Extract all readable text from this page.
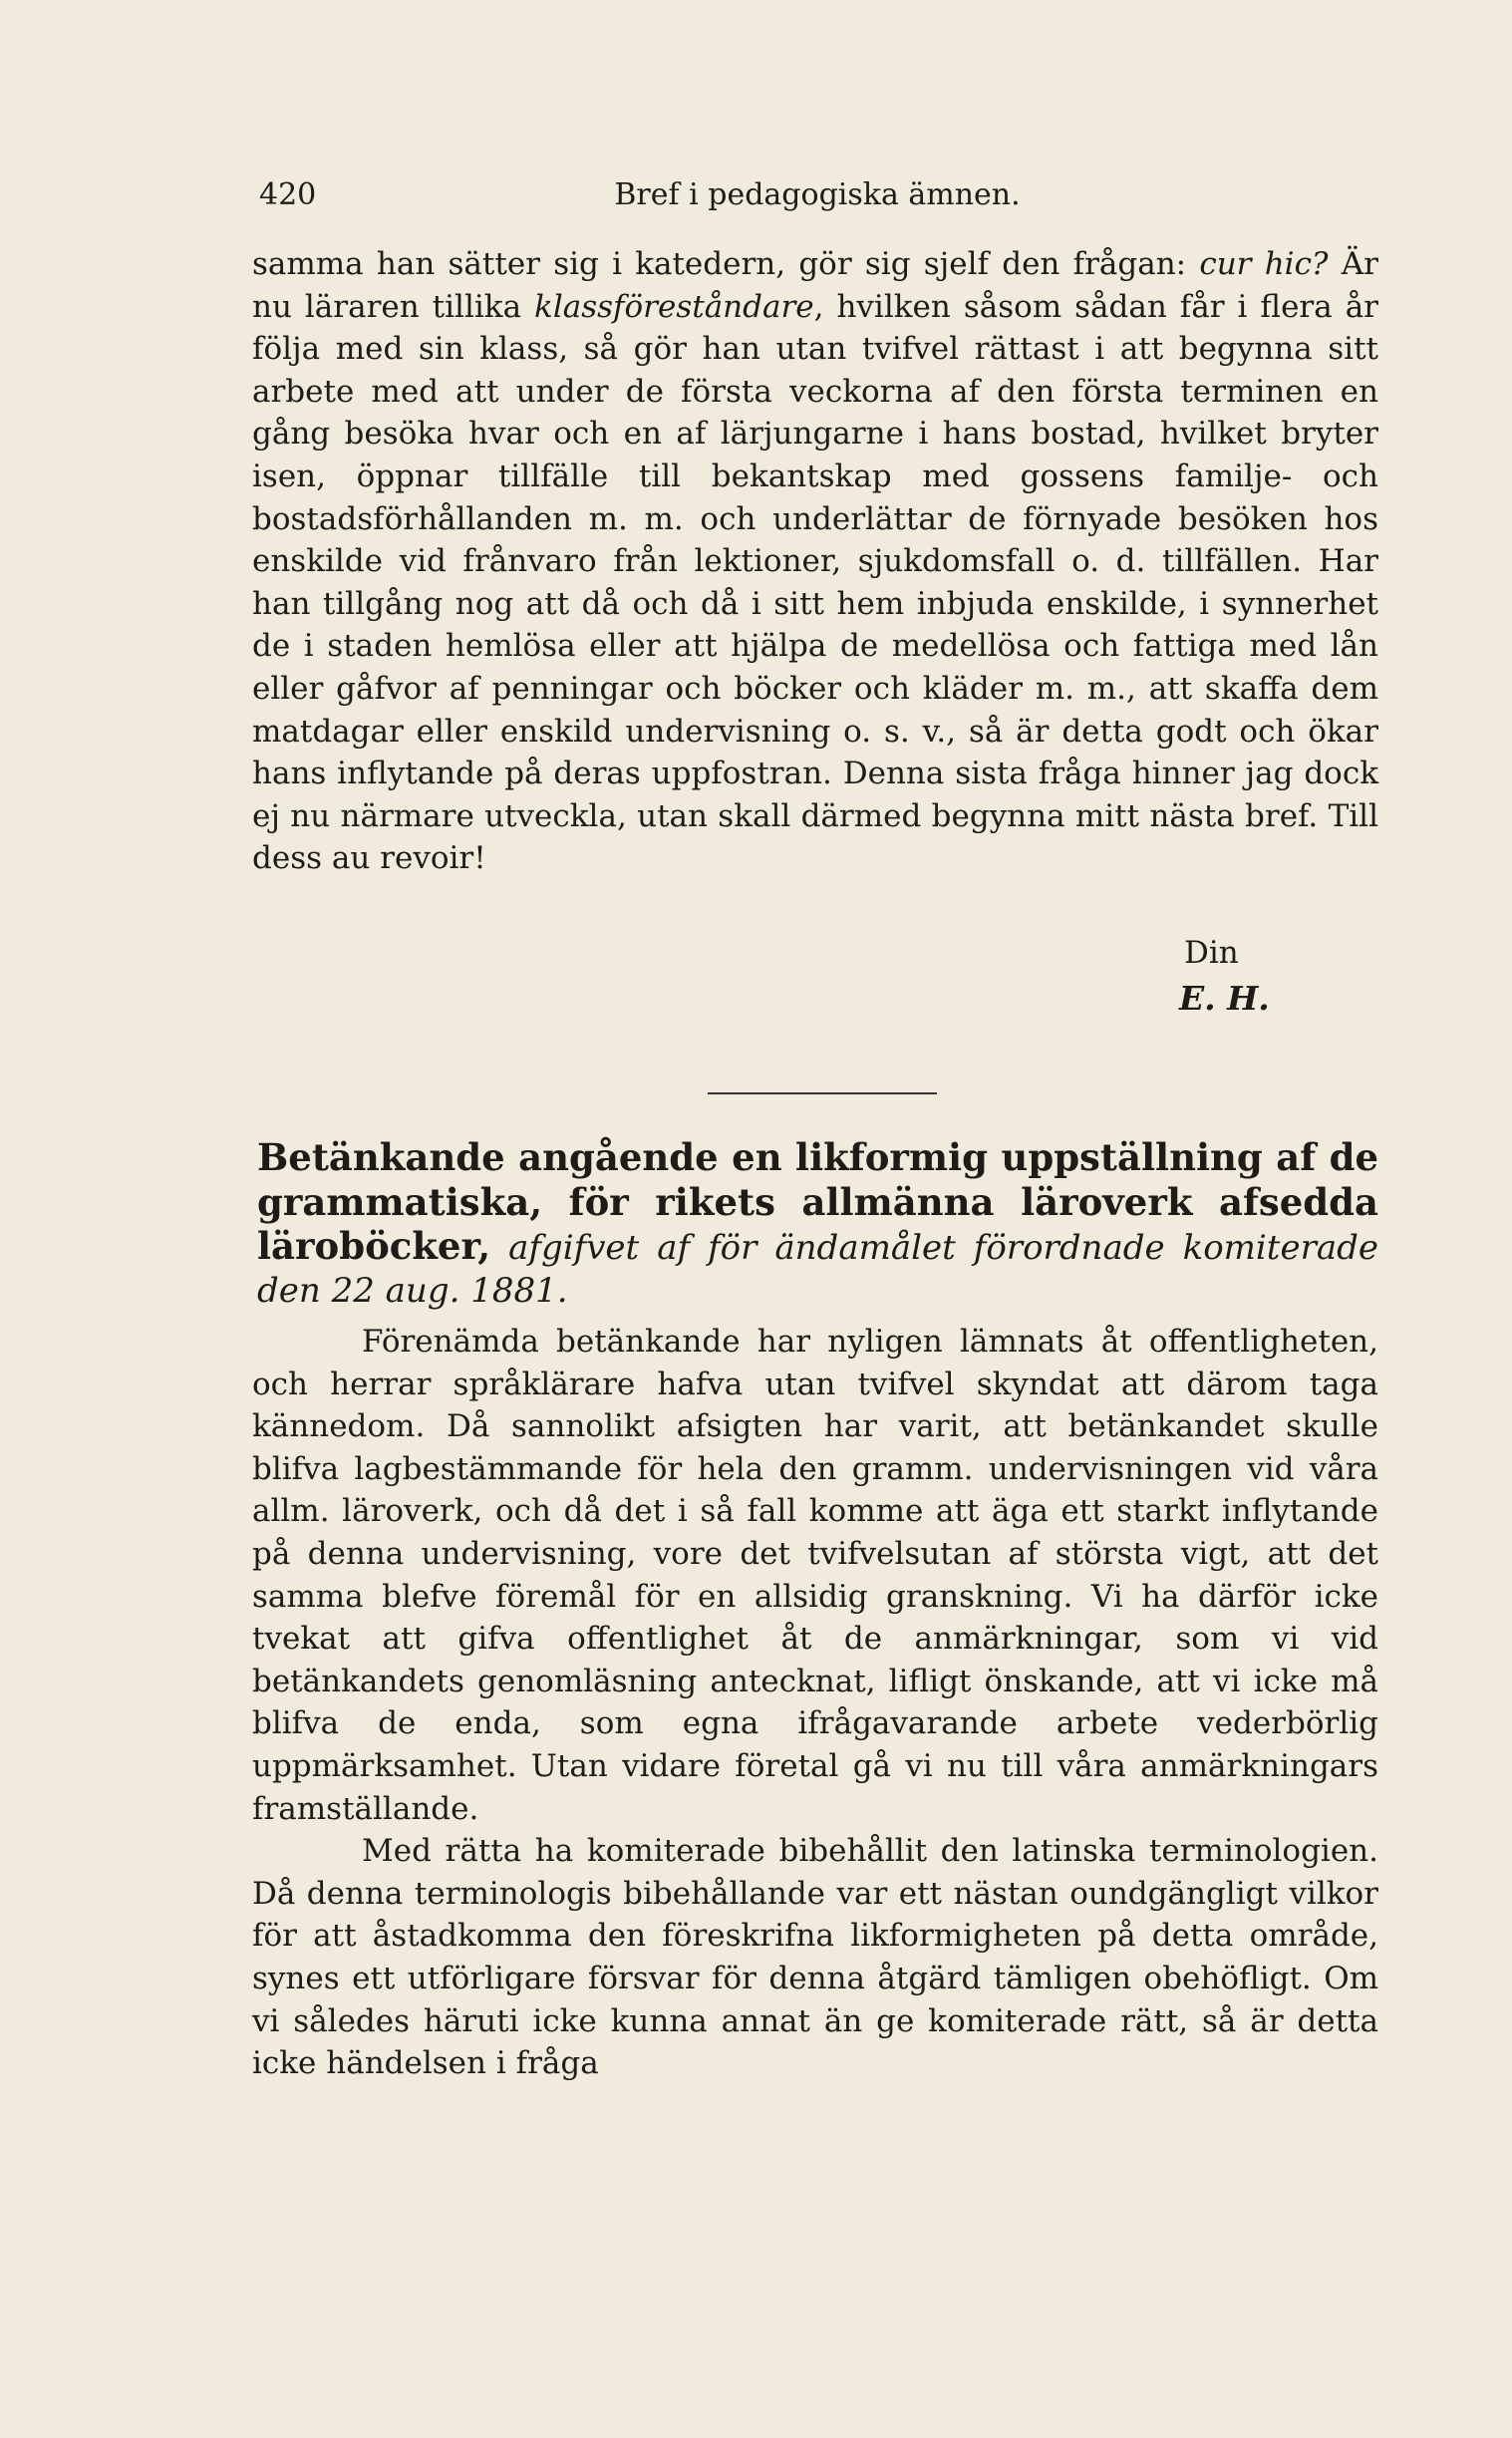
420	Bref i pedagogiska ämnen.

samma han sätter sig i katedern, gör sig sjelf den frågan: cur hic? Är nu läraren tillika klassföreståndare, hvilken såsom sådan får i flera år följa med sin klass, så gör han utan tvifvel rättast i att begynna sitt arbete med att under de första veckorna af den första terminen en gång besöka hvar och en af lärjungarne i hans bostad, hvilket bryter isen, öppnar tillfälle till bekantskap med gossens familje- och bostadsförhållanden m. m. och underlättar de förnyade besöken hos enskilde vid frånvaro från lektioner, sjukdomsfall o. d. tillfällen. Har han tillgång nog att då och då i sitt hem inbjuda enskilde, i synnerhet de i staden hemlösa eller att hjälpa de medellösa och fattiga med lån eller gåfvor af penningar och böcker och kläder m. m., att skaffa dem matdagar eller enskild undervisning o. s. v., så är detta godt och ökar hans inflytande på deras uppfostran. Denna sista fråga hinner jag dock ej nu närmare utveckla, utan skall därmed begynna mitt nästa bref. Till dess au revoir!

Din
E. H.
Betänkande angående en likformig uppställning af de grammatiska, för rikets allmänna läroverk afsedda läroböcker, afgifvet af för ändamålet förordnade komiterade den 22 aug. 1881.

Förenämda betänkande har nyligen lämnats åt offentligheten, och herrar språklärare hafva utan tvifvel skyndat att därom taga kännedom. Då sannolikt afsigten har varit, att betänkandet skulle blifva lagbestämmande för hela den gramm. undervisningen vid våra allm. läroverk, och då det i så fall komme att äga ett starkt inflytande på denna undervisning, vore det tvifvelsutan af största vigt, att det samma blefve föremål för en allsidig granskning. Vi ha därför icke tvekat att gifva offentlighet åt de anmärkningar, som vi vid betänkandets genomläsning antecknat, lifligt önskande, att vi icke må blifva de enda, som egna ifrågavarande arbete vederbörlig uppmärksamhet. Utan vidare företal gå vi nu till våra anmärkningars framställande.

Med rätta ha komiterade bibehållit den latinska terminologien. Då denna terminologis bibehållande var ett nästan oundgängligt vilkor för att åstadkomma den föreskrifna likformigheten på detta område, synes ett utförligare försvar för denna åtgärd tämligen obehöfligt. Om vi således häruti icke kunna annat än ge komiterade rätt, så är detta icke händelsen i fråga
